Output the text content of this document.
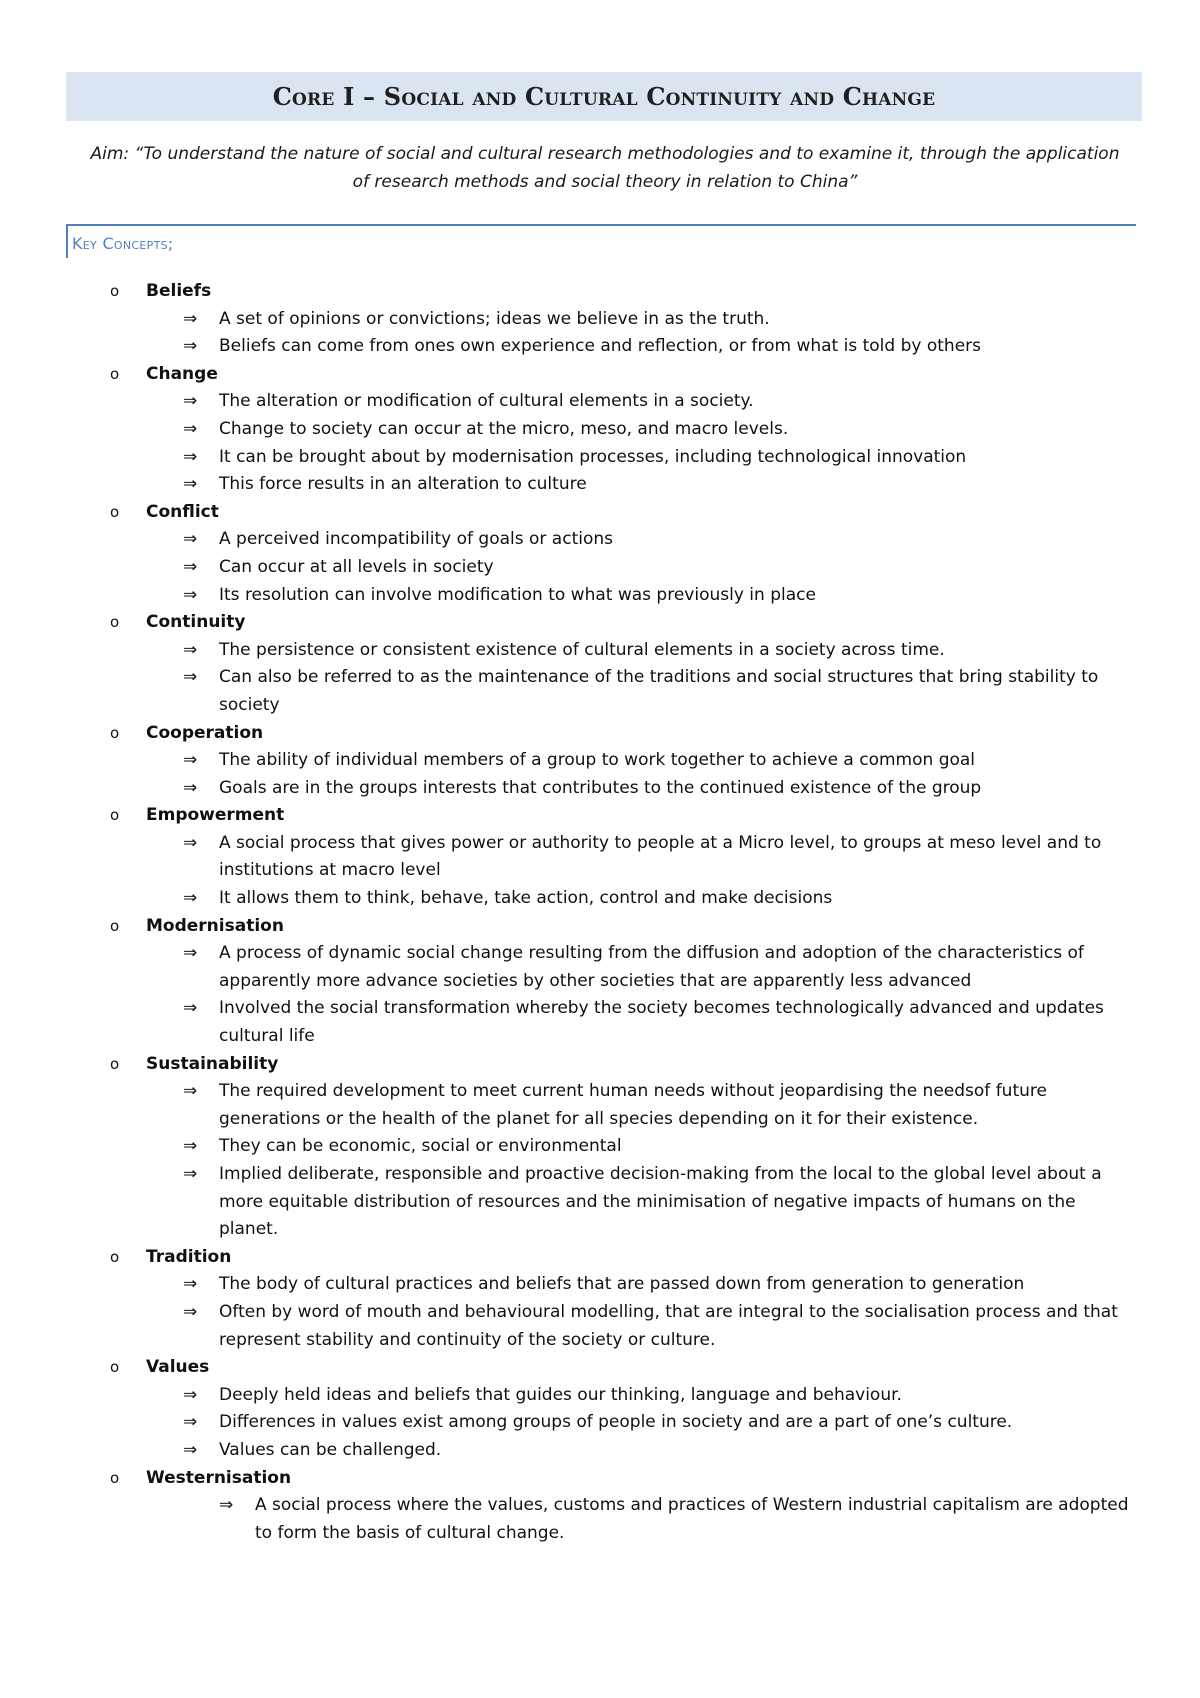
Core I – Social and Cultural Continuity and Change
Aim: “To understand the nature of social and cultural research methodologies and to examine it, through the application of research methods and social theory in relation to China”
Key Concepts;
o Beliefs
⇒ A set of opinions or convictions; ideas we believe in as the truth.
⇒ Beliefs can come from ones own experience and reflection, or from what is told by others
o Change
⇒ The alteration or modification of cultural elements in a society.
⇒ Change to society can occur at the micro, meso, and macro levels.
⇒ It can be brought about by modernisation processes, including technological innovation
⇒ This force results in an alteration to culture
o Conflict
⇒ A perceived incompatibility of goals or actions
⇒ Can occur at all levels in society
⇒ Its resolution can involve modification to what was previously in place
o Continuity
⇒ The persistence or consistent existence of cultural elements in a society across time.
⇒ Can also be referred to as the maintenance of the traditions and social structures that bring stability to society
o Cooperation
⇒ The ability of individual members of a group to work together to achieve a common goal
⇒ Goals are in the groups interests that contributes to the continued existence of the group
o Empowerment
⇒ A social process that gives power or authority to people at a Micro level, to groups at meso level and to institutions at macro level
⇒ It allows them to think, behave, take action, control and make decisions
o Modernisation
⇒ A process of dynamic social change resulting from the diffusion and adoption of the characteristics of apparently more advance societies by other societies that are apparently less advanced
⇒ Involved the social transformation whereby the society becomes technologically advanced and updates cultural life
o Sustainability
⇒ The required development to meet current human needs without jeopardising the needsof future generations or the health of the planet for all species depending on it for their existence.
⇒ They can be economic, social or environmental
⇒ Implied deliberate, responsible and proactive decision-making from the local to the global level about a more equitable distribution of resources and the minimisation of negative impacts of humans on the planet.
o Tradition
⇒ The body of cultural practices and beliefs that are passed down from generation to generation
⇒ Often by word of mouth and behavioural modelling, that are integral to the socialisation process and that represent stability and continuity of the society or culture.
o Values
⇒ Deeply held ideas and beliefs that guides our thinking, language and behaviour.
⇒ Differences in values exist among groups of people in society and are a part of one’s culture.
⇒ Values can be challenged.
o Westernisation
⇒ A social process where the values, customs and practices of Western industrial capitalism are adopted to form the basis of cultural change.
